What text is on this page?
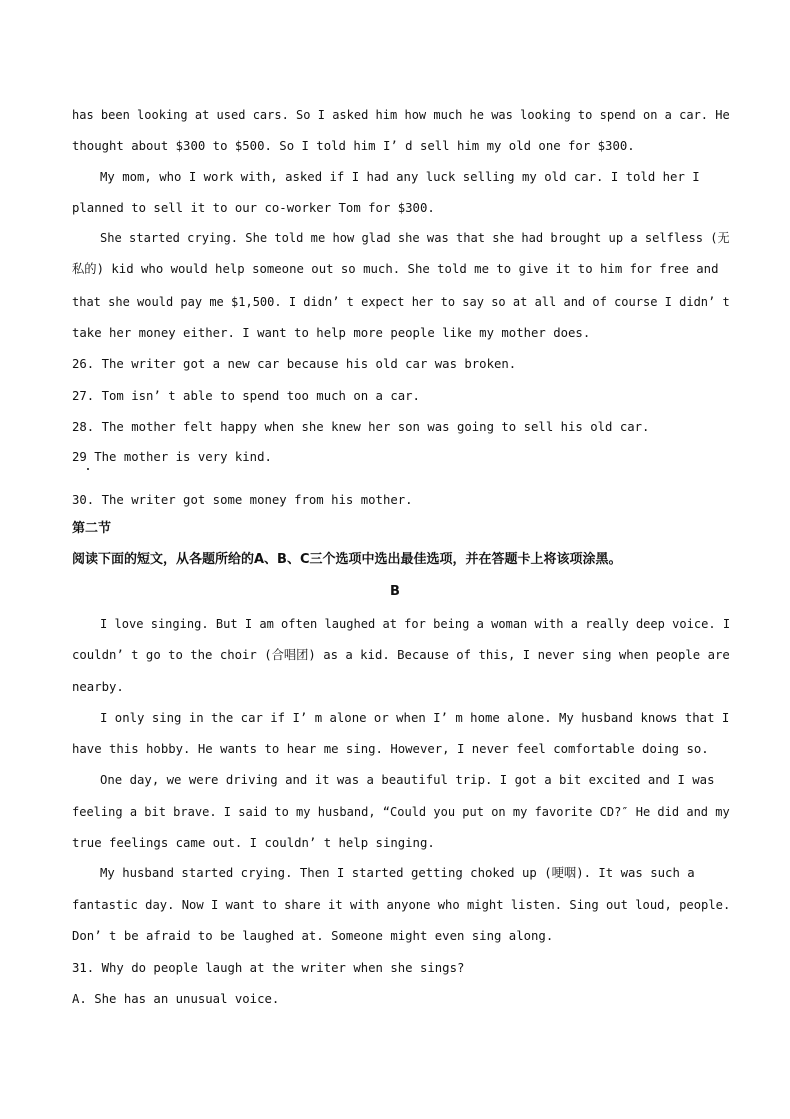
has been looking at used cars. So I asked him how much he was looking to spend on a car. He
thought about $300 to $500. So I told him I’ d sell him my old one for $300.
My mom, who I work with, asked if I had any luck selling my old car. I told her I
planned to sell it to our co-worker Tom for $300.
She started crying. She told me how glad she was that she had brought up a selfless (无
私的) kid who would help someone out so much. She told me to give it to him for free and
that she would pay me $1,500. I didn’ t expect her to say so at all and of course I didn’ t
take her money either. I want to help more people like my mother does.
26. The writer got a new car because his old car was broken.
27. Tom isn’ t able to spend too much on a car.
28. The mother felt happy when she knew her son was going to sell his old car.
29 The mother is very kind.
30. The writer got some money from his mother.
第二节
阅读下面的短文，从各题所给的A、B、C三个选项中选出最佳选项，并在答题卡上将该项涂黑。
B
I love singing. But I am often laughed at for being a woman with a really deep voice. I
couldn’ t go to the choir (合唱团) as a kid. Because of this, I never sing when people are
nearby.
I only sing in the car if I’ m alone or when I’ m home alone. My husband knows that I
have this hobby. He wants to hear me sing. However, I never feel comfortable doing so.
One day, we were driving and it was a beautiful trip. I got a bit excited and I was
feeling a bit brave. I said to my husband, “Could you put on my favorite CD?″ He did and my
true feelings came out. I couldn’ t help singing.
My husband started crying. Then I started getting choked up (哽咽). It was such a
fantastic day. Now I want to share it with anyone who might listen. Sing out loud, people.
Don’ t be afraid to be laughed at. Someone might even sing along.
31. Why do people laugh at the writer when she sings?
A. She has an unusual voice.
